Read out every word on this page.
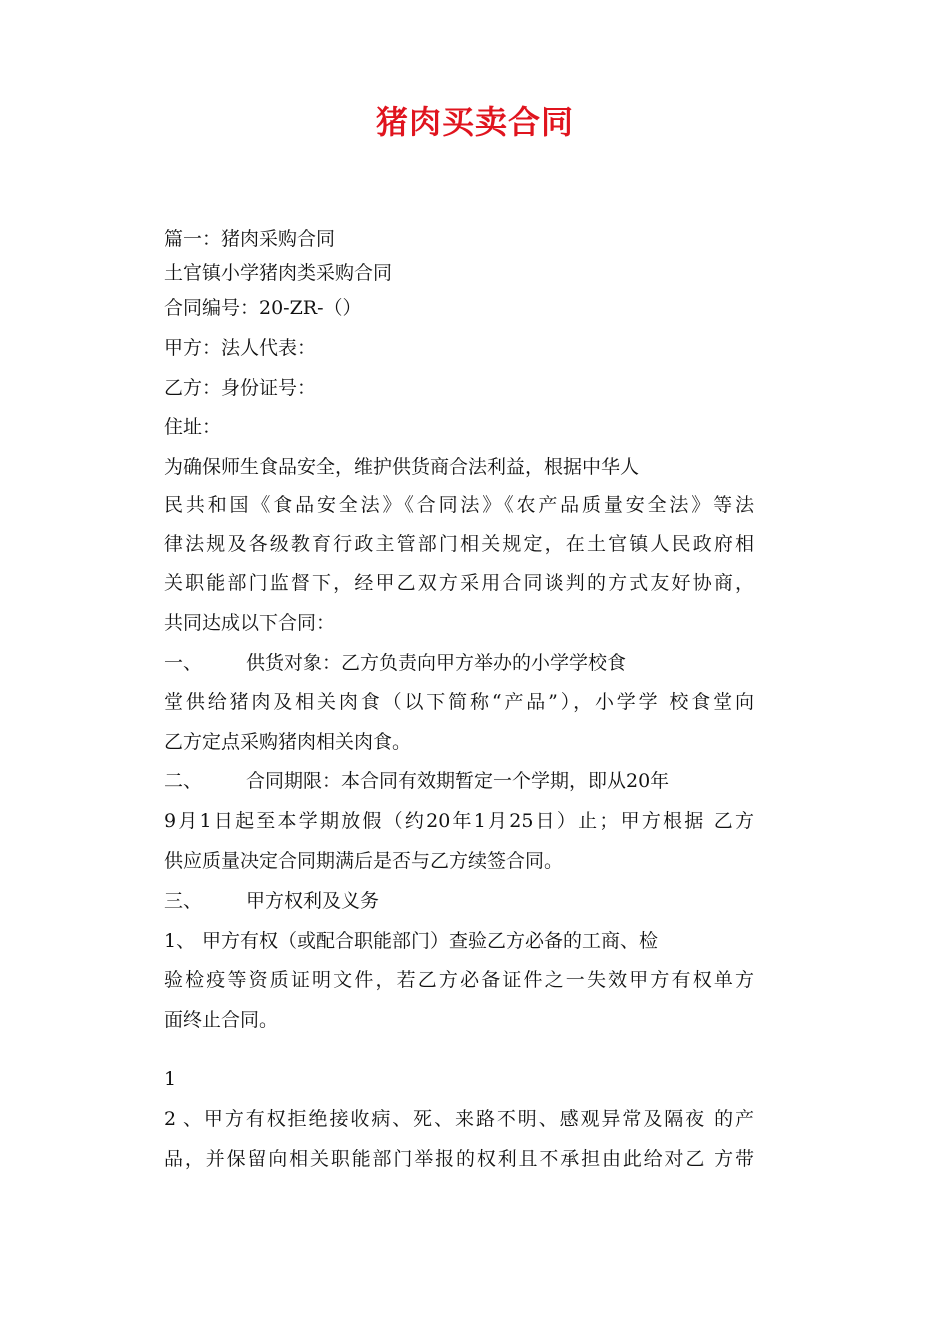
猪肉买卖合同
篇一：猪肉采购合同
土官镇小学猪肉类采购合同
合同编号：20-ZR-（）
甲方：法人代表：
乙方：身份证号：
住址：
为确保师生食品安全，维护供货商合法利益，根据中华人
民共和国《食品安全法》《合同法》《农产品质量安全法》等法
律法规及各级教育行政主管部门相关规定，在土官镇人民政府相
关职能部门监督下，经甲乙双方采用合同谈判的方式友好协商，
共同达成以下合同：
一、 供货对象：乙方负责向甲方举办的小学学校食
堂供给猪肉及相关肉食（以下简称“产品”），小学学 校食堂向
乙方定点采购猪肉相关肉食。
二、 合同期限：本合同有效期暂定一个学期，即从20年
9月1日起至本学期放假（约20年1月25日）止；甲方根据 乙方
供应质量决定合同期满后是否与乙方续签合同。
三、 甲方权利及义务
1、 甲方有权（或配合职能部门）查验乙方必备的工商、检
验检疫等资质证明文件，若乙方必备证件之一失效甲方有权单方
面终止合同。
1
2、甲方有权拒绝接收病、死、来路不明、感观异常及隔夜 的产
品，并保留向相关职能部门举报的权利且不承担由此给对乙 方带
